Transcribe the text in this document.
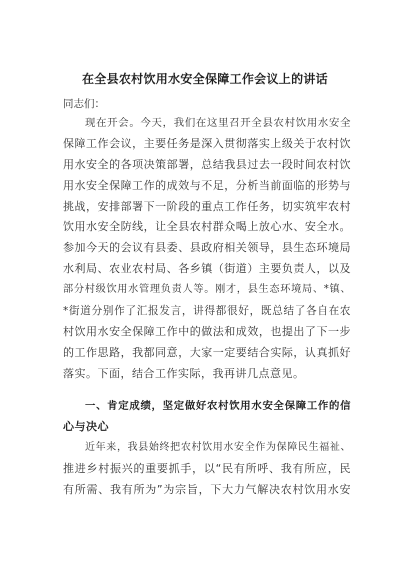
在全县农村饮用水安全保障工作会议上的讲话
同志们：
现在开会。今天，我们在这里召开全县农村饮用水安全
保障工作会议，主要任务是深入贯彻落实上级关于农村饮
用水安全的各项决策部署，总结我县过去一段时间农村饮
用水安全保障工作的成效与不足，分析当前面临的形势与
挑战，安排部署下一阶段的重点工作任务，切实筑牢农村
饮用水安全防线，让全县农村群众喝上放心水、安全水。
参加今天的会议有县委、县政府相关领导，县生态环境局
水利局、农业农村局、各乡镇（街道）主要负责人，以及
部分村级饮用水管理负责人等。刚才，县生态环境局、*镇、
*街道分别作了汇报发言，讲得都很好，既总结了各自在农
村饮用水安全保障工作中的做法和成效，也提出了下一步
的工作思路，我都同意，大家一定要结合实际，认真抓好
落实。下面，结合工作实际，我再讲几点意见。
一、肯定成绩，坚定做好农村饮用水安全保障工作的信
心与决心
近年来，我县始终把农村饮用水安全作为保障民生福祉、
推进乡村振兴的重要抓手，以“民有所呼、我有所应，民
有所需、我有所为”为宗旨，下大力气解决农村饮用水安
